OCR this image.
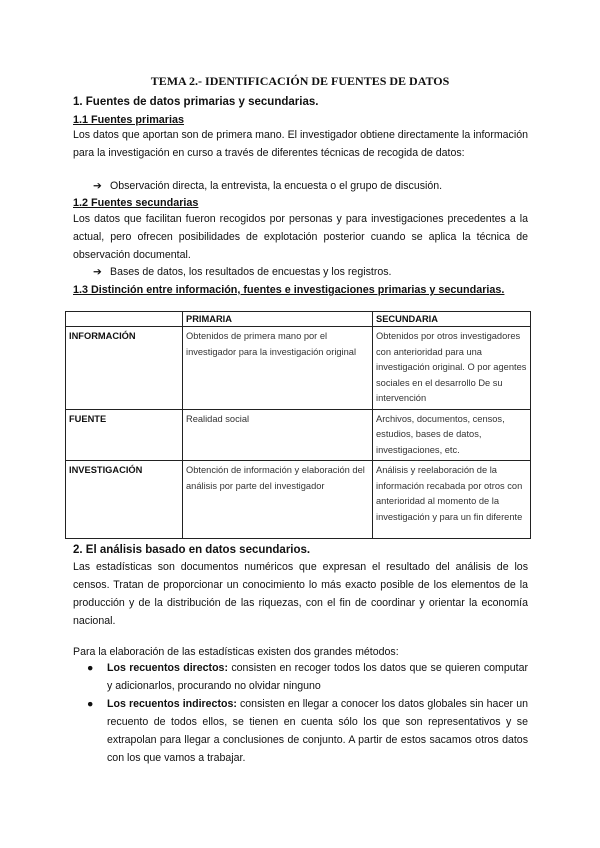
TEMA 2.- IDENTIFICACIÓN DE FUENTES DE DATOS
1. Fuentes de datos primarias y secundarias.
1.1 Fuentes primarias
Los datos que aportan son de primera mano. El investigador obtiene directamente la información para la investigación en curso a través de diferentes técnicas de recogida de datos:
➔ Observación directa, la entrevista, la encuesta o el grupo de discusión.
1.2 Fuentes secundarias
Los datos que facilitan fueron recogidos por personas y para investigaciones precedentes a la actual, pero ofrecen posibilidades de explotación posterior cuando se aplica la técnica de observación documental.
➔ Bases de datos, los resultados de encuestas y los registros.
1.3 Distinción entre información, fuentes e investigaciones primarias y secundarias.
	PRIMARIA	SECUNDARIA
INFORMACIÓN	Obtenidos de primera mano por el investigador para la investigación original	Obtenidos por otros investigadores con anterioridad para una investigación original. O por agentes sociales en el desarrollo De su intervención
FUENTE	Realidad social	Archivos, documentos, censos, estudios, bases de datos, investigaciones, etc.
INVESTIGACIÓN	Obtención de información y elaboración del análisis por parte del investigador	Análisis y reelaboración de la información recabada por otros con anterioridad al momento de la investigación y para un fin diferente
2. El análisis basado en datos secundarios.
Las estadísticas son documentos numéricos que expresan el resultado del análisis de los censos. Tratan de proporcionar un conocimiento lo más exacto posible de los elementos de la producción y de la distribución de las riquezas, con el fin de coordinar y orientar la economía nacional.
Para la elaboración de las estadísticas existen dos grandes métodos:
● Los recuentos directos: consisten en recoger todos los datos que se quieren computar y adicionarlos, procurando no olvidar ninguno
● Los recuentos indirectos: consisten en llegar a conocer los datos globales sin hacer un recuento de todos ellos, se tienen en cuenta sólo los que son representativos y se extrapolan para llegar a conclusiones de conjunto. A partir de estos sacamos otros datos con los que vamos a trabajar.
